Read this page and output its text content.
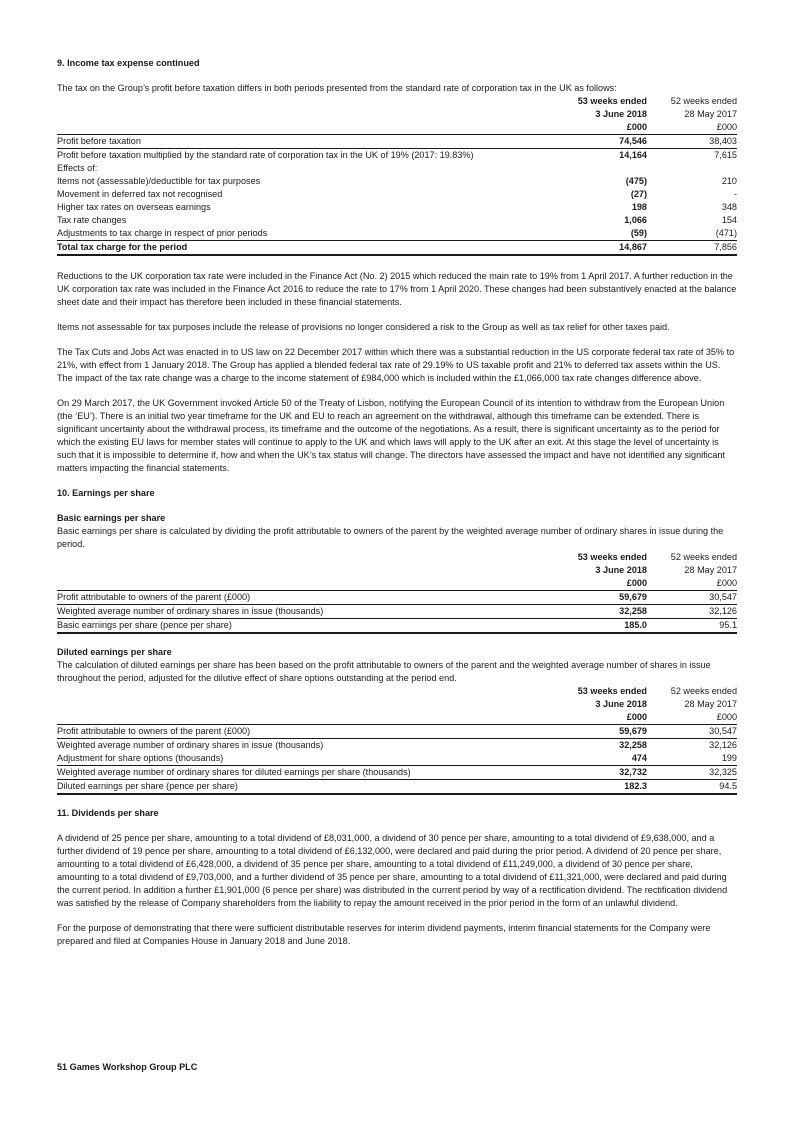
9. Income tax expense continued

The tax on the Group’s profit before taxation differs in both periods presented from the standard rate of corporation tax in the UK as follows:

	53 weeks ended	52 weeks ended
	3 June 2018	28 May 2017
	£000	£000
Profit before taxation	74,546	38,403
Profit before taxation multiplied by the standard rate of corporation tax in the UK of 19% (2017: 19.83%)	14,164	7,615
Effects of:		
Items not (assessable)/deductible for tax purposes	(475)	210
Movement in deferred tax not recognised	(27)	-
Higher tax rates on overseas earnings	198	348
Tax rate changes	1,066	154
Adjustments to tax charge in respect of prior periods	(59)	(471)
Total tax charge for the period	14,867	7,856

Reductions to the UK corporation tax rate were included in the Finance Act (No. 2) 2015 which reduced the main rate to 19% from 1 April 2017. A further reduction in the UK corporation tax rate was included in the Finance Act 2016 to reduce the rate to 17% from 1 April 2020. These changes had been substantively enacted at the balance sheet date and their impact has therefore been included in these financial statements.

Items not assessable for tax purposes include the release of provisions no longer considered a risk to the Group as well as tax relief for other taxes paid.

The Tax Cuts and Jobs Act was enacted in to US law on 22 December 2017 within which there was a substantial reduction in the US corporate federal tax rate of 35% to 21%, with effect from 1 January 2018. The Group has applied a blended federal tax rate of 29.19% to US taxable profit and 21% to deferred tax assets within the US. The impact of the tax rate change was a charge to the income statement of £984,000 which is included within the £1,066,000 tax rate changes difference above.

On 29 March 2017, the UK Government invoked Article 50 of the Treaty of Lisbon, notifying the European Council of its intention to withdraw from the European Union (the ‘EU’). There is an initial two year timeframe for the UK and EU to reach an agreement on the withdrawal, although this timeframe can be extended. There is significant uncertainty about the withdrawal process, its timeframe and the outcome of the negotiations. As a result, there is significant uncertainty as to the period for which the existing EU laws for member states will continue to apply to the UK and which laws will apply to the UK after an exit. At this stage the level of uncertainty is such that it is impossible to determine if, how and when the UK’s tax status will change. The directors have assessed the impact and have not identified any significant matters impacting the financial statements.

10. Earnings per share

Basic earnings per share

Basic earnings per share is calculated by dividing the profit attributable to owners of the parent by the weighted average number of ordinary shares in issue during the period.

	53 weeks ended	52 weeks ended
	3 June 2018	28 May 2017
	£000	£000
Profit attributable to owners of the parent (£000)	59,679	30,547
Weighted average number of ordinary shares in issue (thousands)	32,258	32,126
Basic earnings per share (pence per share)	185.0	95.1

Diluted earnings per share

The calculation of diluted earnings per share has been based on the profit attributable to owners of the parent and the weighted average number of shares in issue throughout the period, adjusted for the dilutive effect of share options outstanding at the period end.

	53 weeks ended	52 weeks ended
	3 June 2018	28 May 2017
	£000	£000
Profit attributable to owners of the parent (£000)	59,679	30,547
Weighted average number of ordinary shares in issue (thousands)	32,258	32,126
Adjustment for share options (thousands)	474	199
Weighted average number of ordinary shares for diluted earnings per share (thousands)	32,732	32,325
Diluted earnings per share (pence per share)	182.3	94.5

11. Dividends per share

A dividend of 25 pence per share, amounting to a total dividend of £8,031,000, a dividend of 30 pence per share, amounting to a total dividend of £9,638,000, and a further dividend of 19 pence per share, amounting to a total dividend of £6,132,000, were declared and paid during the prior period. A dividend of 20 pence per share, amounting to a total dividend of £6,428,000, a dividend of 35 pence per share, amounting to a total dividend of £11,249,000, a dividend of 30 pence per share, amounting to a total dividend of £9,703,000, and a further dividend of 35 pence per share, amounting to a total dividend of £11,321,000, were declared and paid during the current period. In addition a further £1,901,000 (6 pence per share) was distributed in the current period by way of a rectification dividend. The rectification dividend was satisfied by the release of Company shareholders from the liability to repay the amount received in the prior period in the form of an unlawful dividend.

For the purpose of demonstrating that there were sufficient distributable reserves for interim dividend payments, interim financial statements for the Company were prepared and filed at Companies House in January 2018 and June 2018.

51 Games Workshop Group PLC
